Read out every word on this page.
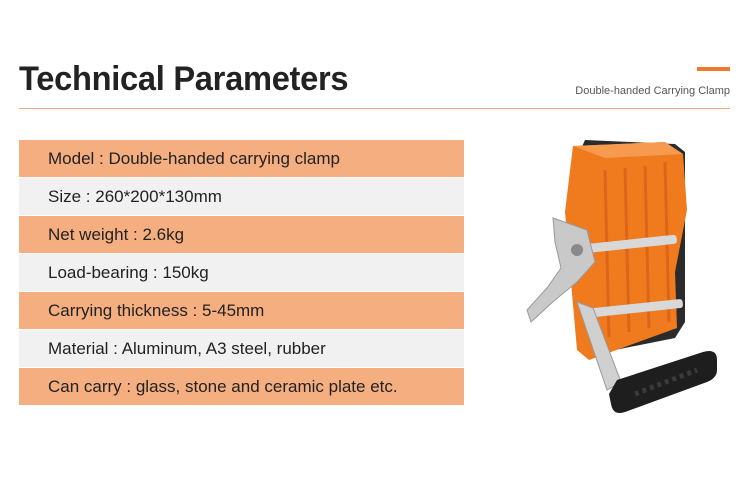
Technical Parameters	Double-handed Carrying Clamp
Model : Double-handed carrying clamp
Size : 260*200*130mm
Net weight : 2.6kg
Load-bearing : 150kg
Carrying thickness : 5-45mm
Material : Aluminum, A3 steel, rubber
Can carry : glass, stone and ceramic plate etc.
